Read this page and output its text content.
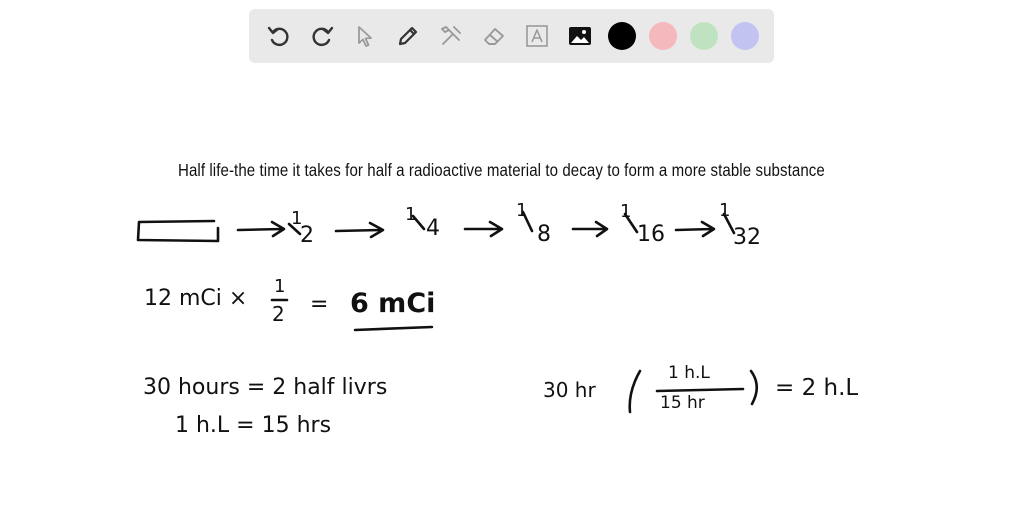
Half life-the time it takes for half a radioactive material to decay to form a more stable substance
1
2
1
4
1
8
1
16
1
32
12 mCi × 1
2 = 6 mCi
30 hours = 2 half livrs
1 h.L = 15 hrs
30 hr
1 h.L
15 hr
= 2 h.L
